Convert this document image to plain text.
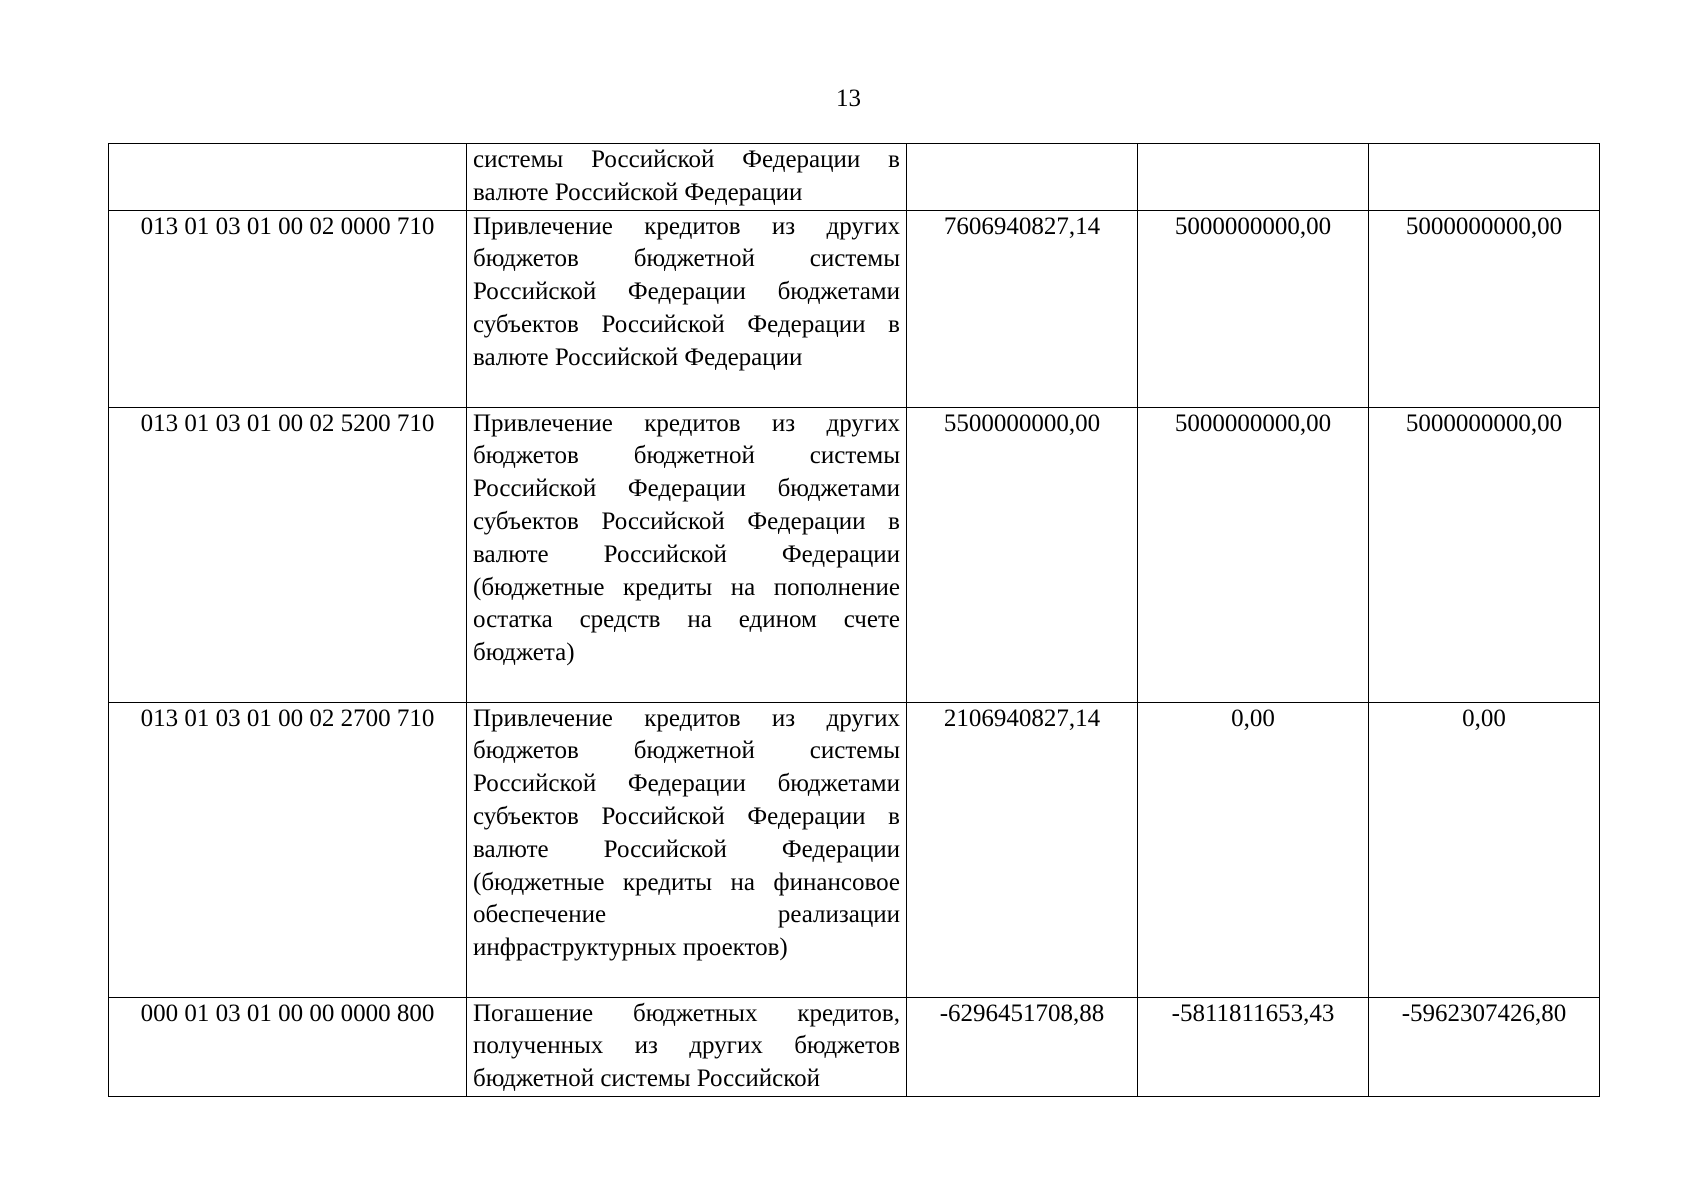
13
	системы Российской Федерации в валюте Российской Федерации			
013 01 03 01 00 02 0000 710	Привлечение кредитов из других бюджетов бюджетной системы Российской Федерации бюджетами субъектов Российской Федерации в валюте Российской Федерации	7606940827,14	5000000000,00	5000000000,00
013 01 03 01 00 02 5200 710	Привлечение кредитов из других бюджетов бюджетной системы Российской Федерации бюджетами субъектов Российской Федерации в валюте Российской Федерации (бюджетные кредиты на пополнение остатка средств на едином счете бюджета)	5500000000,00	5000000000,00	5000000000,00
013 01 03 01 00 02 2700 710	Привлечение кредитов из других бюджетов бюджетной системы Российской Федерации бюджетами субъектов Российской Федерации в валюте Российской Федерации (бюджетные кредиты на финансовое обеспечение реализации инфраструктурных проектов)	2106940827,14	0,00	0,00
000 01 03 01 00 00 0000 800	Погашение бюджетных кредитов, полученных из других бюджетов бюджетной системы Российской	-6296451708,88	-5811811653,43	-5962307426,80
